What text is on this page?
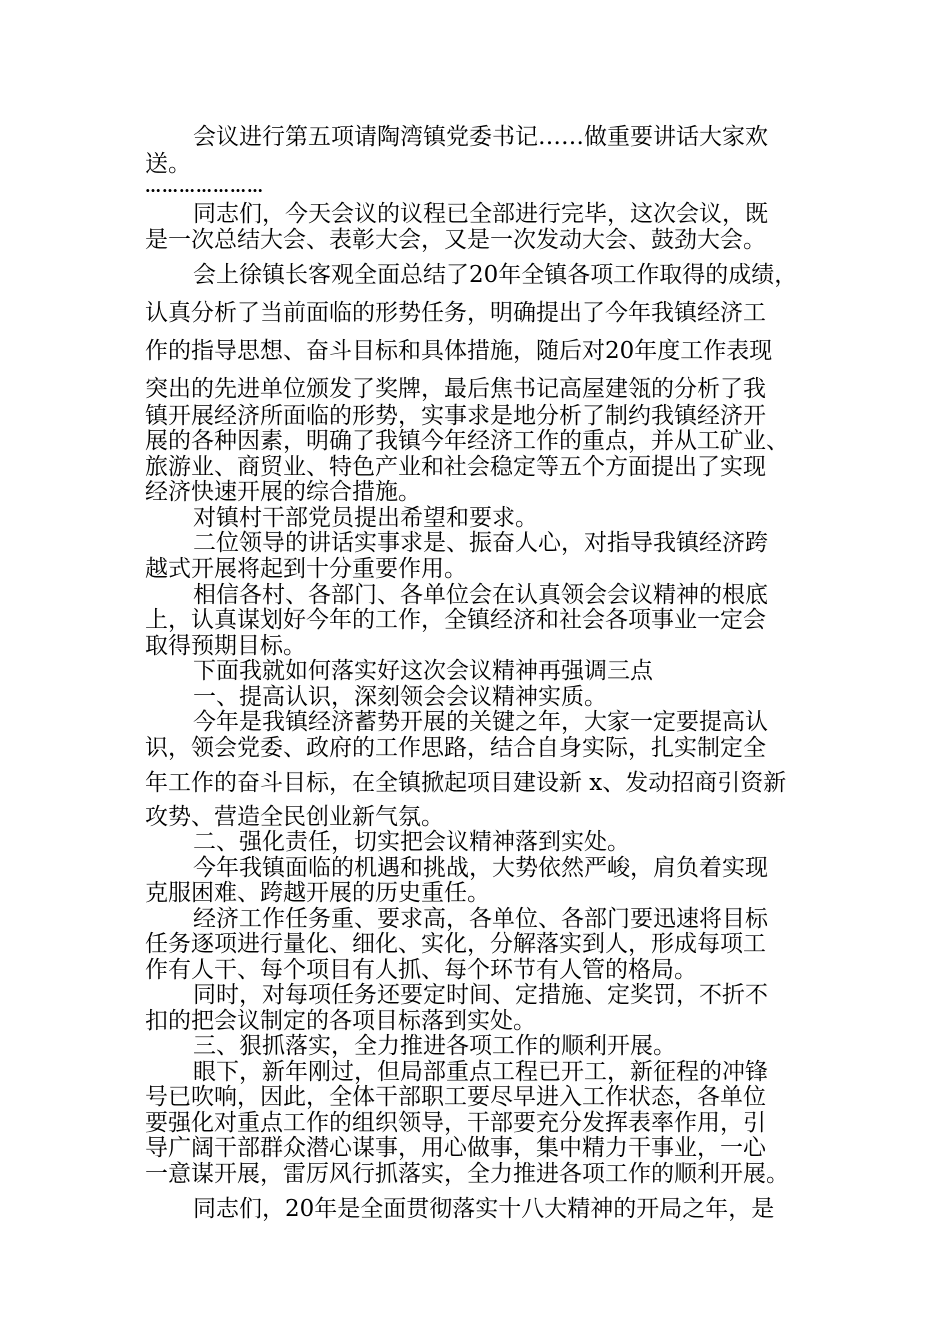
会议进行第五项请陶湾镇党委书记……做重要讲话大家欢
送。
…………………
同志们，今天会议的议程已全部进行完毕，这次会议，既
是一次总结大会、表彰大会，又是一次发动大会、鼓劲大会。
会上徐镇长客观全面总结了20年全镇各项工作取得的成绩，
认真分析了当前面临的形势任务，明确提出了今年我镇经济工
作的指导思想、奋斗目标和具体措施，随后对20年度工作表现
突出的先进单位颁发了奖牌，最后焦书记高屋建瓴的分析了我
镇开展经济所面临的形势，实事求是地分析了制约我镇经济开
展的各种因素，明确了我镇今年经济工作的重点，并从工矿业、
旅游业、商贸业、特色产业和社会稳定等五个方面提出了实现
经济快速开展的综合措施。
对镇村干部党员提出希望和要求。
二位领导的讲话实事求是、振奋人心，对指导我镇经济跨
越式开展将起到十分重要作用。
相信各村、各部门、各单位会在认真领会会议精神的根底
上，认真谋划好今年的工作，全镇经济和社会各项事业一定会
取得预期目标。
下面我就如何落实好这次会议精神再强调三点
一、提高认识，深刻领会会议精神实质。
今年是我镇经济蓄势开展的关键之年，大家一定要提高认
识，领会党委、政府的工作思路，结合自身实际，扎实制定全
年工作的奋斗目标，在全镇掀起项目建设新 x、发动招商引资新
攻势、营造全民创业新气氛。
二、强化责任，切实把会议精神落到实处。
今年我镇面临的机遇和挑战，大势依然严峻，肩负着实现
克服困难、跨越开展的历史重任。
经济工作任务重、要求高，各单位、各部门要迅速将目标
任务逐项进行量化、细化、实化，分解落实到人，形成每项工
作有人干、每个项目有人抓、每个环节有人管的格局。
同时，对每项任务还要定时间、定措施、定奖罚，不折不
扣的把会议制定的各项目标落到实处。
三、狠抓落实，全力推进各项工作的顺利开展。
眼下，新年刚过，但局部重点工程已开工，新征程的冲锋
号已吹响，因此，全体干部职工要尽早进入工作状态，各单位
要强化对重点工作的组织领导，干部要充分发挥表率作用，引
导广阔干部群众潜心谋事，用心做事，集中精力干事业，一心
一意谋开展，雷厉风行抓落实，全力推进各项工作的顺利开展。
同志们，20年是全面贯彻落实十八大精神的开局之年，是
